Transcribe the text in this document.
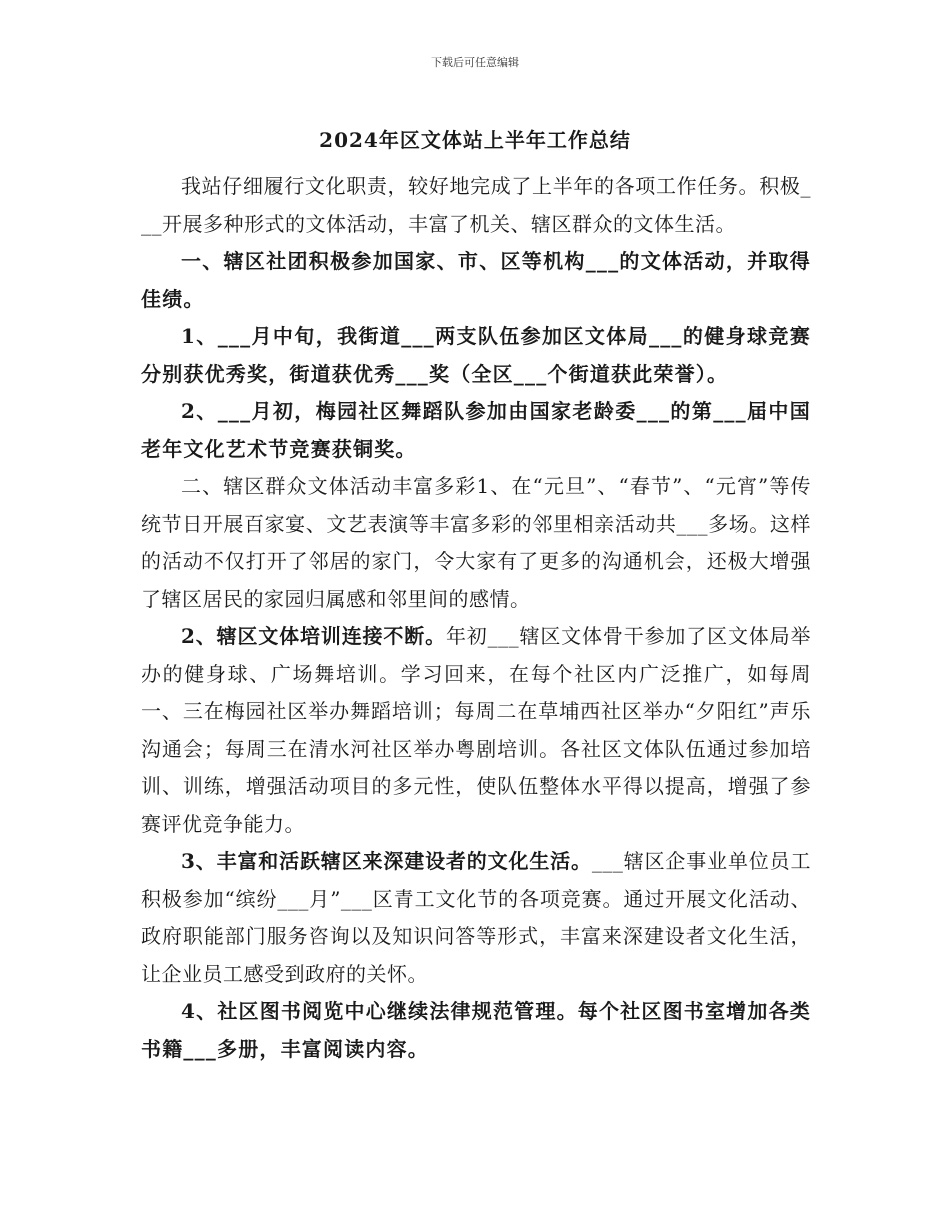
下载后可任意编辑
2024年区文体站上半年工作总结

我站仔细履行文化职责，较好地完成了上半年的各项工作任务。积极___开展多种形式的文体活动，丰富了机关、辖区群众的文体生活。

一、辖区社团积极参加国家、市、区等机构___的文体活动，并取得佳绩。

1、___月中旬，我街道___两支队伍参加区文体局___的健身球竞赛分别获优秀奖，街道获优秀___奖（全区___个街道获此荣誉）。

2、___月初，梅园社区舞蹈队参加由国家老龄委___的第___届中国老年文化艺术节竞赛获铜奖。

二、辖区群众文体活动丰富多彩1、在“元旦”、“春节”、“元宵”等传统节日开展百家宴、文艺表演等丰富多彩的邻里相亲活动共___多场。这样的活动不仅打开了邻居的家门，令大家有了更多的沟通机会，还极大增强了辖区居民的家园归属感和邻里间的感情。

2、辖区文体培训连接不断。年初___辖区文体骨干参加了区文体局举办的健身球、广场舞培训。学习回来，在每个社区内广泛推广，如每周一、三在梅园社区举办舞蹈培训；每周二在草埔西社区举办“夕阳红”声乐沟通会；每周三在清水河社区举办粤剧培训。各社区文体队伍通过参加培训、训练，增强活动项目的多元性，使队伍整体水平得以提高，增强了参赛评优竞争能力。

3、丰富和活跃辖区来深建设者的文化生活。___辖区企事业单位员工积极参加“缤纷___月”___区青工文化节的各项竞赛。通过开展文化活动、政府职能部门服务咨询以及知识问答等形式，丰富来深建设者文化生活，让企业员工感受到政府的关怀。

4、社区图书阅览中心继续法律规范管理。每个社区图书室增加各类书籍___多册，丰富阅读内容。
